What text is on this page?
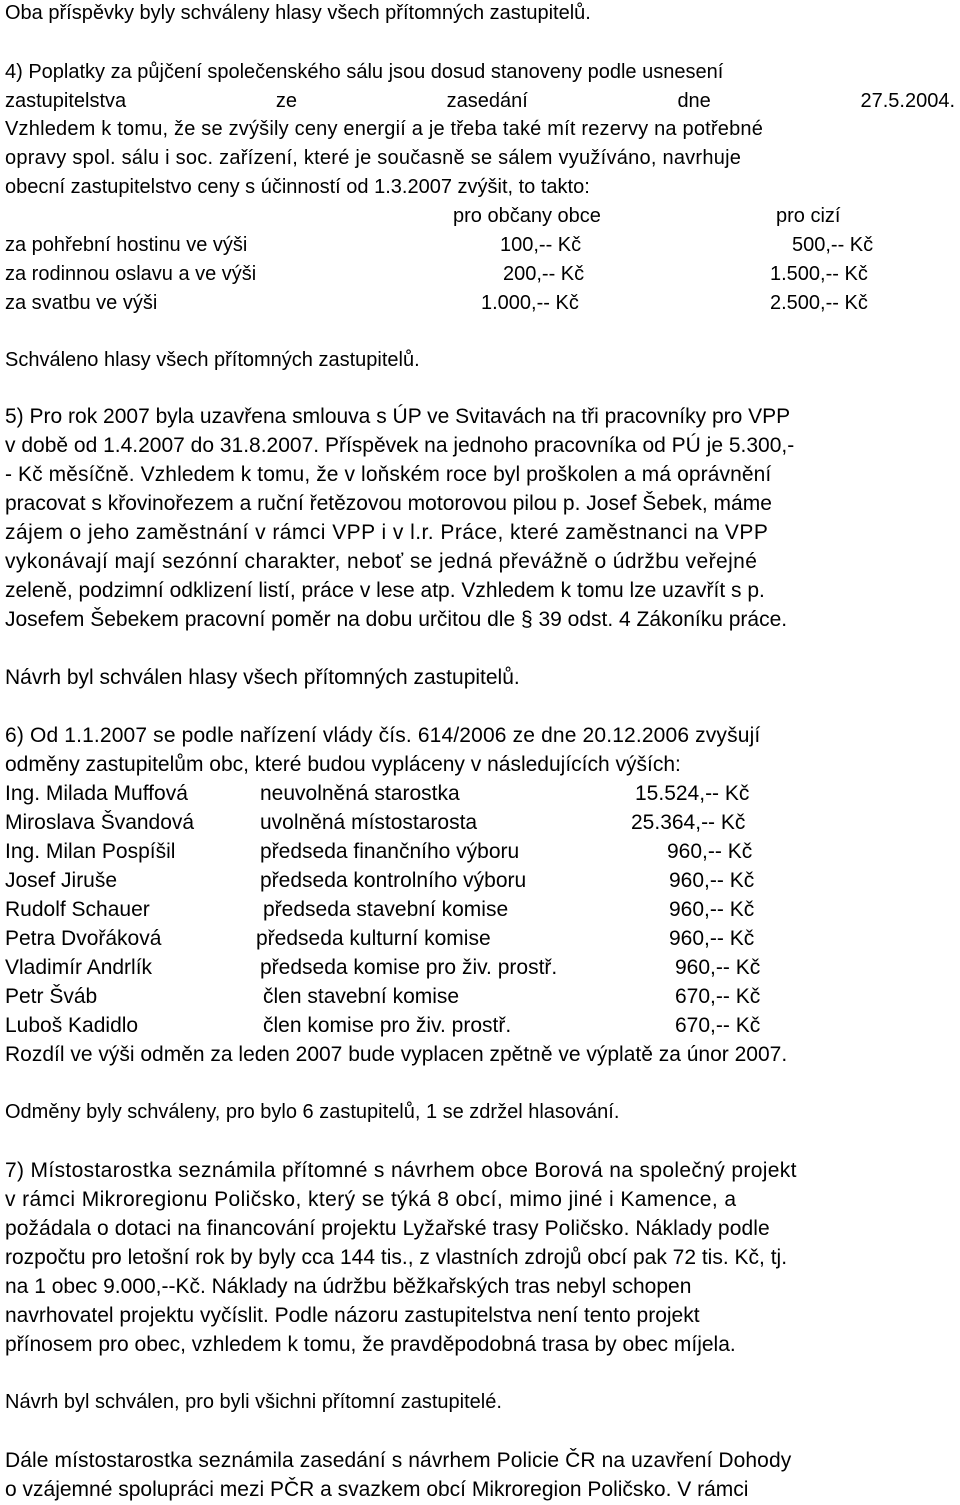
Oba příspěvky byly schváleny hlasy všech přítomných zastupitelů.
4) Poplatky za půjčení společenského sálu jsou dosud stanoveny podle usnesení
zastupitelstva	ze	zasedání	dne	27.5.2004.
Vzhledem k tomu, že se zvýšily ceny energií a je třeba také mít rezervy na potřebné
opravy spol. sálu i soc. zařízení, které je současně se sálem využíváno, navrhuje
obecní zastupitelstvo ceny s účinností od 1.3.2007 zvýšit, to takto:
pro občany obce	pro cizí
za pohřební hostinu ve výši	100,-- Kč	500,-- Kč
za rodinnou oslavu a ve výši	200,-- Kč	1.500,-- Kč
za svatbu ve výši	1.000,-- Kč	2.500,-- Kč
Schváleno hlasy všech přítomných zastupitelů.
5) Pro rok 2007 byla uzavřena smlouva s ÚP ve Svitavách na tři pracovníky pro VPP
v době od 1.4.2007 do 31.8.2007. Příspěvek na jednoho pracovníka od PÚ je 5.300,-
- Kč měsíčně. Vzhledem k tomu, že v loňském roce byl proškolen a má oprávnění
pracovat s křovinořezem a ruční řetězovou motorovou pilou p. Josef Šebek, máme
zájem o jeho zaměstnání v rámci VPP i v l.r. Práce, které zaměstnanci na VPP
vykonávají mají sezónní charakter, neboť se jedná převážně o údržbu veřejné
zeleně, podzimní odklizení listí, práce v lese atp. Vzhledem k tomu lze uzavřít s p.
Josefem Šebekem pracovní poměr na dobu určitou dle § 39 odst. 4 Zákoníku práce.
Návrh byl schválen hlasy všech přítomných zastupitelů.
6) Od 1.1.2007 se podle nařízení vlády čís. 614/2006 ze dne 20.12.2006 zvyšují
odměny zastupitelům obc, které budou vypláceny v následujících výších:
Ing. Milada Muffová	neuvolněná starostka	15.524,-- Kč
Miroslava Švandová	uvolněná místostarosta	25.364,-- Kč
Ing. Milan Pospíšil	předseda finančního výboru	960,-- Kč
Josef Jiruše	předseda kontrolního výboru	960,-- Kč
Rudolf Schauer	předseda stavební komise	960,-- Kč
Petra Dvořáková	předseda kulturní komise	960,-- Kč
Vladimír Andrlík	předseda komise pro živ. prostř.	960,-- Kč
Petr Šváb	člen stavební komise	670,-- Kč
Luboš Kadidlo	člen komise pro živ. prostř.	670,-- Kč
Rozdíl ve výši odměn za leden 2007 bude vyplacen zpětně ve výplatě za únor 2007.
Odměny byly schváleny, pro bylo 6 zastupitelů, 1 se zdržel hlasování.
7) Místostarostka seznámila přítomné s návrhem obce Borová na společný projekt
v rámci Mikroregionu Poličsko, který se týká 8 obcí, mimo jiné i Kamence, a
požádala o dotaci na financování projektu Lyžařské trasy Poličsko. Náklady podle
rozpočtu pro letošní rok by byly cca 144 tis., z vlastních zdrojů obcí pak 72 tis. Kč, tj.
na 1 obec 9.000,--Kč. Náklady na údržbu běžkařských tras nebyl schopen
navrhovatel projektu vyčíslit. Podle názoru zastupitelstva není tento projekt
přínosem pro obec, vzhledem k tomu, že pravděpodobná trasa by obec míjela.
Návrh byl schválen, pro byli všichni přítomní zastupitelé.
Dále místostarostka seznámila zasedání s návrhem Policie ČR na uzavření Dohody
o vzájemné spolupráci mezi PČR a svazkem obcí Mikroregion Poličsko. V rámci
